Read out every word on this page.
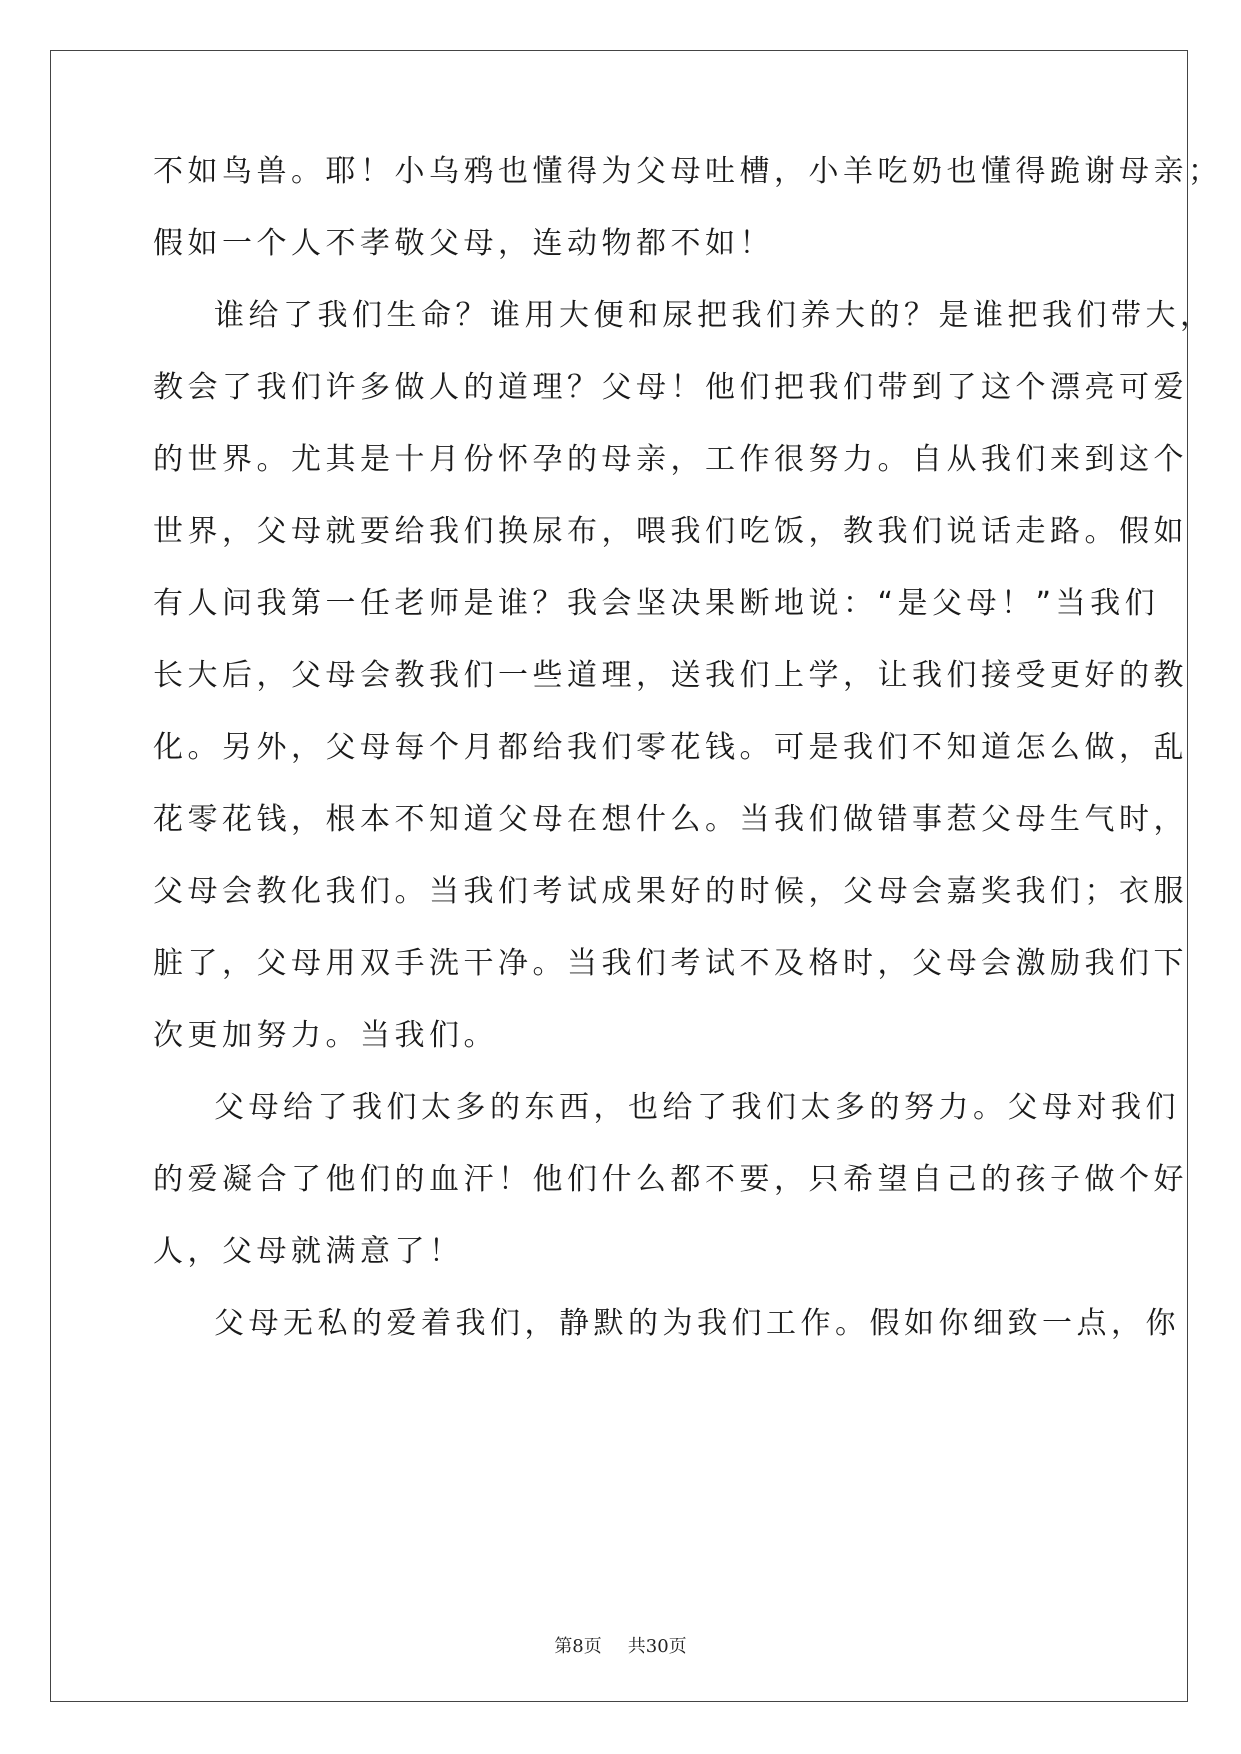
不如鸟兽。耶！小乌鸦也懂得为父母吐槽，小羊吃奶也懂得跪谢母亲；
假如一个人不孝敬父母，连动物都不如！
谁给了我们生命？谁用大便和尿把我们养大的？是谁把我们带大，
教会了我们许多做人的道理？父母！他们把我们带到了这个漂亮可爱
的世界。尤其是十月份怀孕的母亲，工作很努力。自从我们来到这个
世界，父母就要给我们换尿布，喂我们吃饭，教我们说话走路。假如
有人问我第一任老师是谁？我会坚决果断地说：“是父母！”当我们
长大后，父母会教我们一些道理，送我们上学，让我们接受更好的教
化。另外，父母每个月都给我们零花钱。可是我们不知道怎么做，乱
花零花钱，根本不知道父母在想什么。当我们做错事惹父母生气时，
父母会教化我们。当我们考试成果好的时候，父母会嘉奖我们；衣服
脏了，父母用双手洗干净。当我们考试不及格时，父母会激励我们下
次更加努力。当我们。
父母给了我们太多的东西，也给了我们太多的努力。父母对我们
的爱凝合了他们的血汗！他们什么都不要，只希望自己的孩子做个好
人，父母就满意了！
父母无私的爱着我们，静默的为我们工作。假如你细致一点，你
第8页 共30页
